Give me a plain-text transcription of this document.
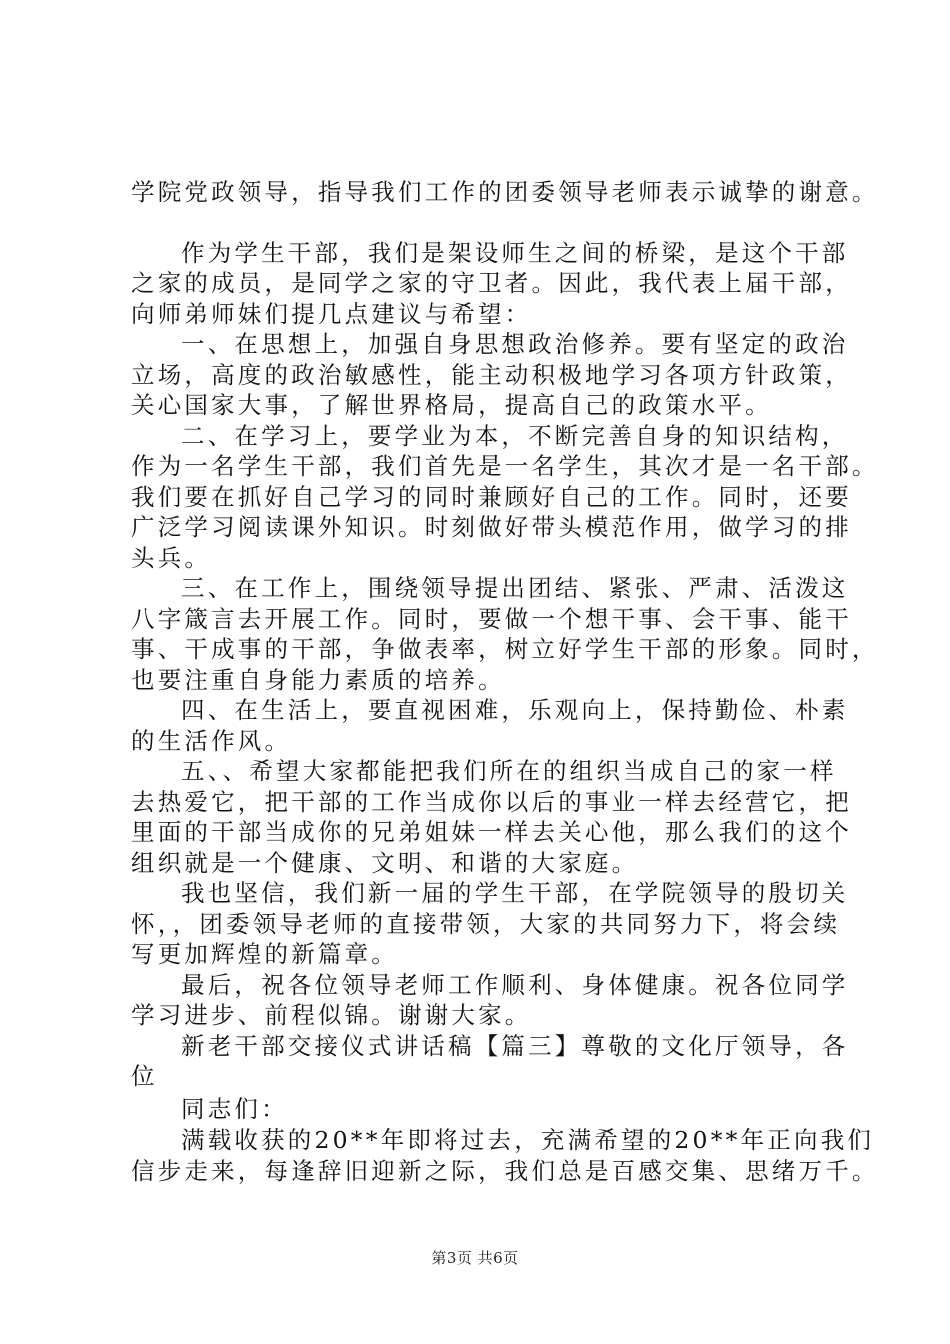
学院党政领导，指导我们工作的团委领导老师表示诚挚的谢意。
作为学生干部，我们是架设师生之间的桥梁，是这个干部
之家的成员，是同学之家的守卫者。因此，我代表上届干部，
向师弟师妹们提几点建议与希望：
一、在思想上，加强自身思想政治修养。要有坚定的政治
立场，高度的政治敏感性，能主动积极地学习各项方针政策，
关心国家大事，了解世界格局，提高自己的政策水平。
二、在学习上，要学业为本，不断完善自身的知识结构，
作为一名学生干部，我们首先是一名学生，其次才是一名干部。
我们要在抓好自己学习的同时兼顾好自己的工作。同时，还要
广泛学习阅读课外知识。时刻做好带头模范作用，做学习的排
头兵。
三、在工作上，围绕领导提出团结、紧张、严肃、活泼这
八字箴言去开展工作。同时，要做一个想干事、会干事、能干
事、干成事的干部，争做表率，树立好学生干部的形象。同时，
也要注重自身能力素质的培养。
四、在生活上，要直视困难，乐观向上，保持勤俭、朴素
的生活作风。
五、、希望大家都能把我们所在的组织当成自己的家一样
去热爱它，把干部的工作当成你以后的事业一样去经营它，把
里面的干部当成你的兄弟姐妹一样去关心他，那么我们的这个
组织就是一个健康、文明、和谐的大家庭。
我也坚信，我们新一届的学生干部，在学院领导的殷切关
怀，，团委领导老师的直接带领，大家的共同努力下，将会续
写更加辉煌的新篇章。
最后，祝各位领导老师工作顺利、身体健康。祝各位同学
学习进步、前程似锦。谢谢大家。
新老干部交接仪式讲话稿【篇三】尊敬的文化厅领导，各
位
同志们：
满载收获的20**年即将过去，充满希望的20**年正向我们
信步走来，每逢辞旧迎新之际，我们总是百感交集、思绪万千。
第3页 共6页
